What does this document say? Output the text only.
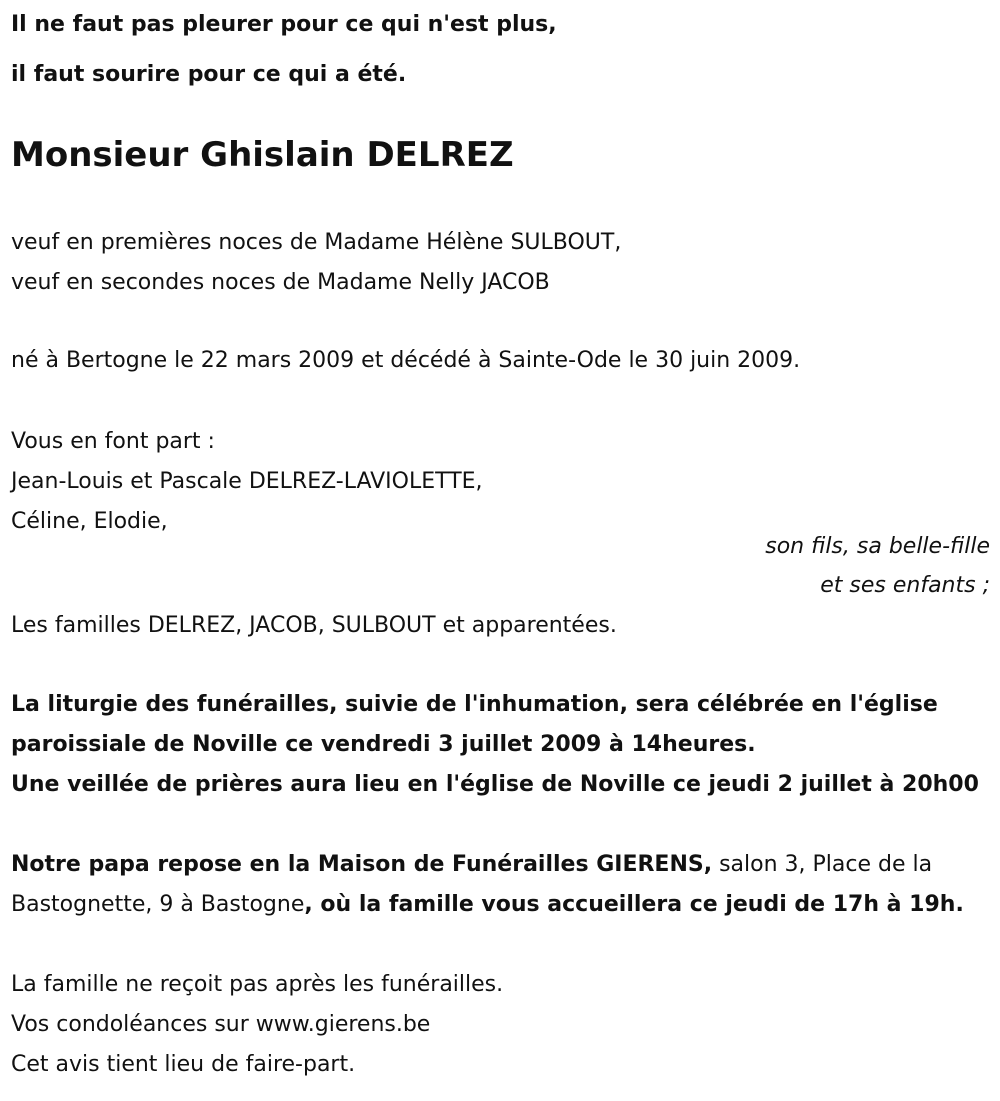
Il ne faut pas pleurer pour ce qui n'est plus,
il faut sourire pour ce qui a été.
Monsieur Ghislain DELREZ
veuf en premières noces de Madame Hélène SULBOUT,
veuf en secondes noces de Madame Nelly JACOB
né à Bertogne le 22 mars 2009 et décédé à Sainte-Ode le 30 juin 2009.
Vous en font part :
Jean-Louis et Pascale DELREZ-LAVIOLETTE,
Céline, Elodie,
son fils, sa belle-fille
et ses enfants ;
Les familles DELREZ, JACOB, SULBOUT et apparentées.
La liturgie des funérailles, suivie de l'inhumation, sera célébrée en l'église paroissiale de Noville ce vendredi 3 juillet 2009 à 14heures.
Une veillée de prières aura lieu en l'église de Noville ce jeudi 2 juillet à 20h00
Notre papa repose en la Maison de Funérailles GIERENS, salon 3, Place de la Bastognette, 9 à Bastogne, où la famille vous accueillera ce jeudi de 17h à 19h.
La famille ne reçoit pas après les funérailles.
Vos condoléances sur www.gierens.be
Cet avis tient lieu de faire-part.
